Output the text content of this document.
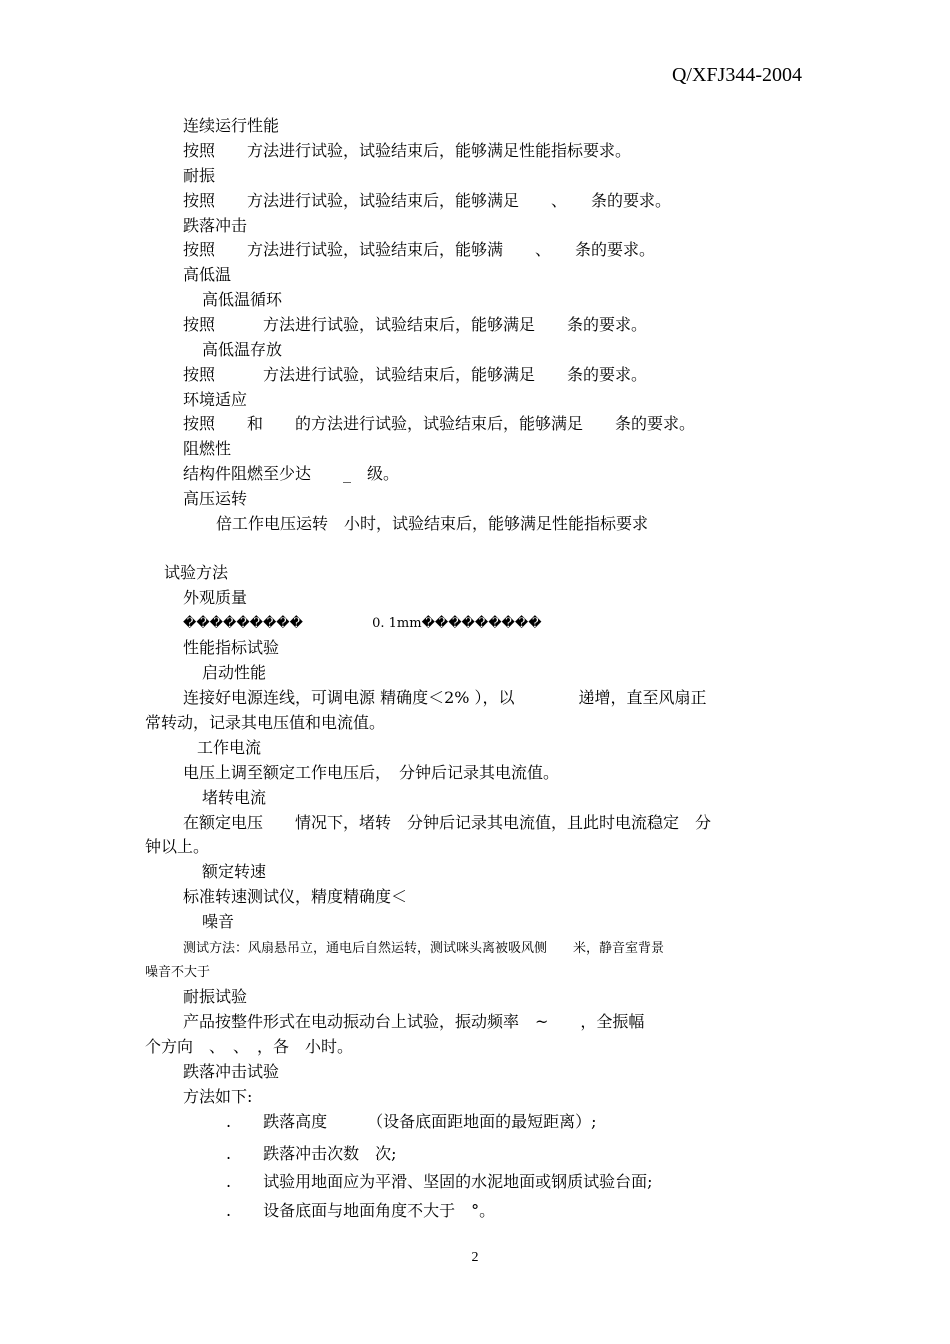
Q/XFJ344-2004
连续运行性能
按照　　方法进行试验，试验结束后，能够满足性能指标要求。
耐振
按照　　方法进行试验，试验结束后，能够满足　　、　　条的要求。
跌落冲击
按照　　方法进行试验，试验结束后，能够满　　、　　条的要求。
高低温
高低温循环
按照　　　方法进行试验，试验结束后，能够满足　　条的要求。
高低温存放
按照　　　方法进行试验，试验结束后，能够满足　　条的要求。
环境适应
按照　　和　　的方法进行试验，试验结束后，能够满足　　条的要求。
阻燃性
结构件阻燃至少达　　_　级。
高压运转
倍工作电压运转　小时，试验结束后，能够满足性能指标要求
试验方法
外观质量
���������　　　　　 0. 1mm���������
性能指标试验
启动性能
连接好电源连线，可调电源 精确度＜2% ），以　　　　递增，直至风扇正
常转动，记录其电压值和电流值。
工作电流
电压上调至额定工作电压后，　分钟后记录其电流值。
堵转电流
在额定电压　　情况下，堵转　分钟后记录其电流值，且此时电流稳定　分
钟以上。
额定转速
标准转速测试仪，精度精确度＜
噪音
测试方法：风扇悬吊立，通电后自然运转，测试咪头离被吸风侧　　米，静音室背景
噪音不大于
耐振试验
产品按整件形式在电动振动台上试验，振动频率　~　　，全振幅
个方向　、　、　，各　小时。
跌落冲击试验
方法如下:
.　　跌落高度　　　（设备底面距地面的最短距离）;
.　　跌落冲击次数　次;
.　　试验用地面应为平滑、坚固的水泥地面或钢质试验台面;
.　　设备底面与地面角度不大于　°。
2
